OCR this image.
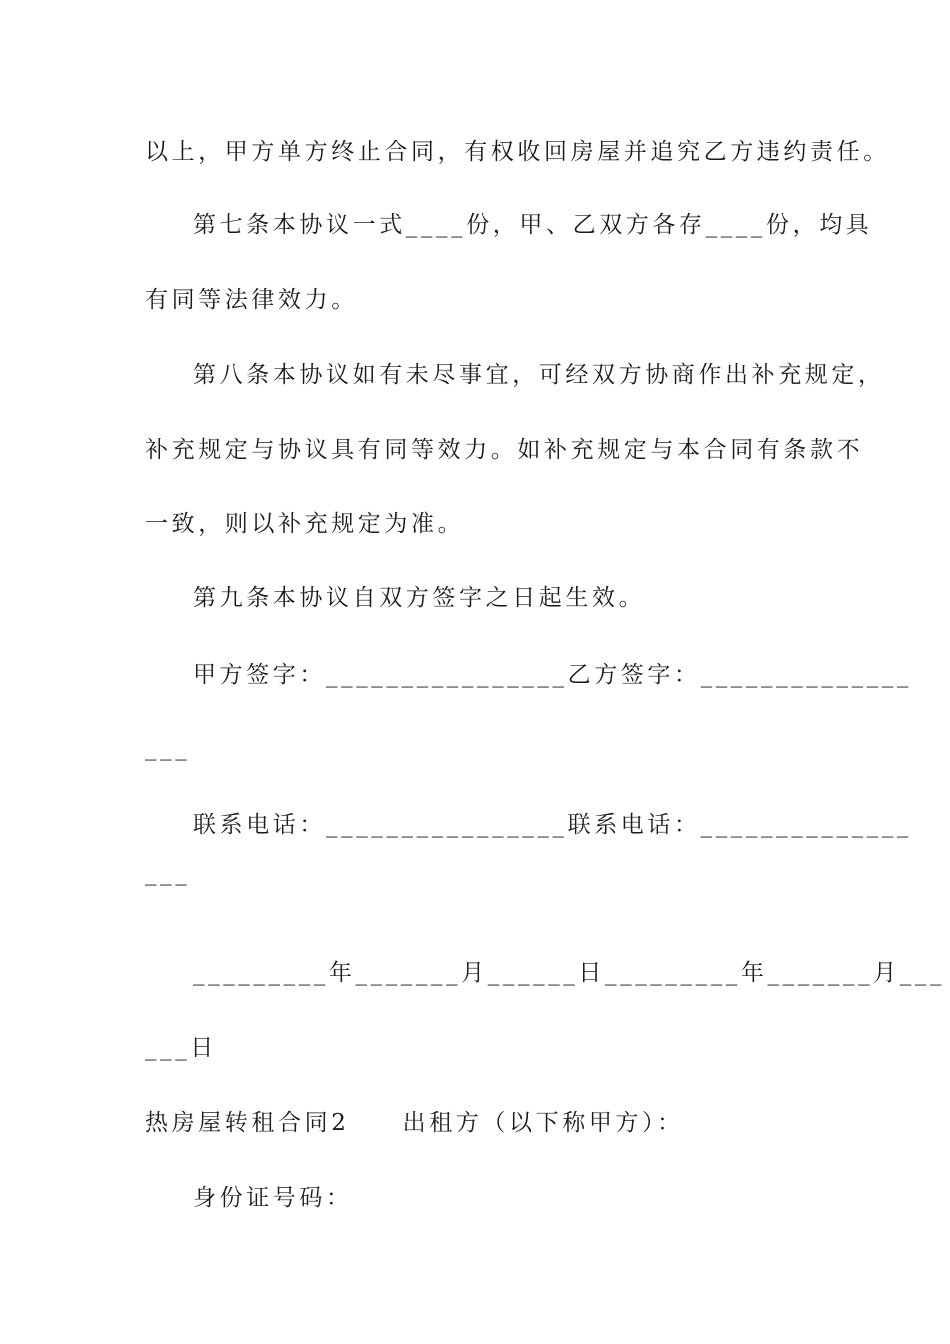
以上，甲方单方终止合同，有权收回房屋并追究乙方违约责任。
第七条本协议一式____份，甲、乙双方各存____份，均具
有同等法律效力。
第八条本协议如有未尽事宜，可经双方协商作出补充规定，
补充规定与协议具有同等效力。如补充规定与本合同有条款不
一致，则以补充规定为准。
第九条本协议自双方签字之日起生效。
甲方签字：________________乙方签字：______________
___
联系电话：________________联系电话：______________
___
_________年_______月______日_________年_______月___
___日
热房屋转租合同2　　出租方（以下称甲方）：
身份证号码：
